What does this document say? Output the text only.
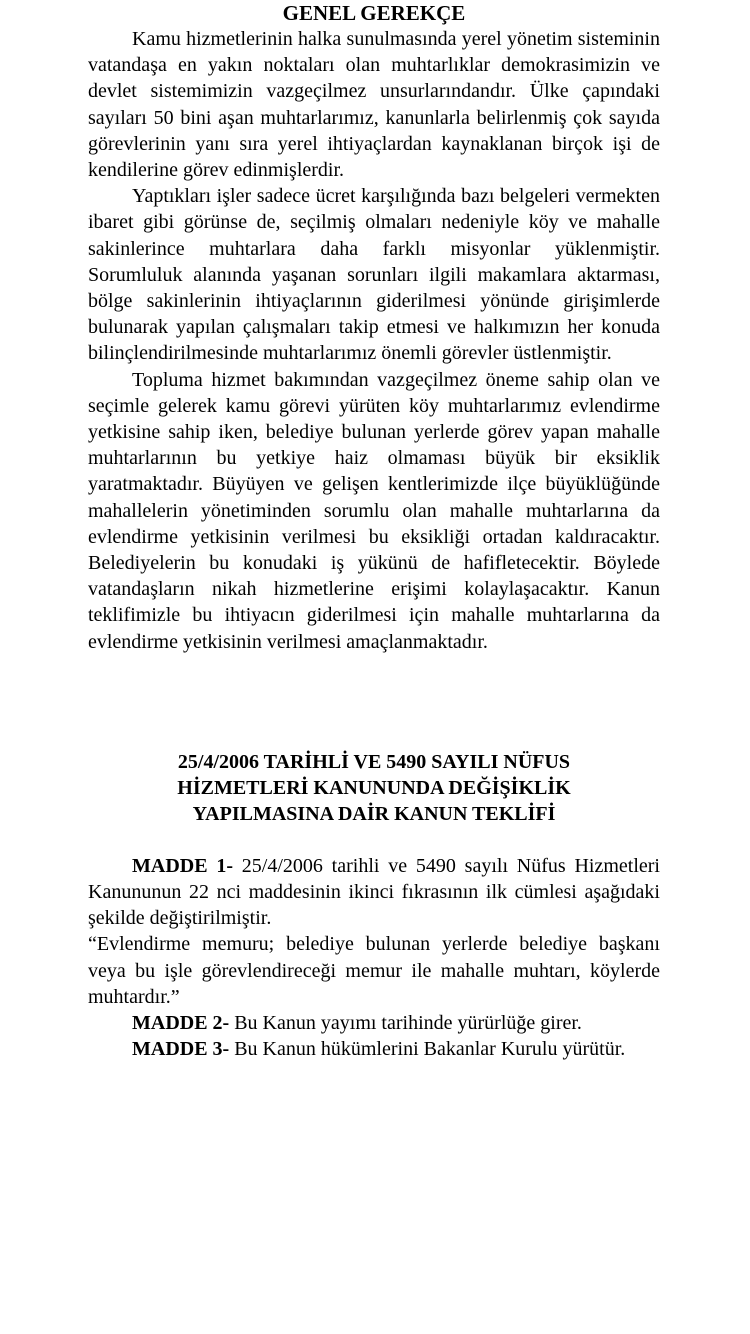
GENEL GEREKÇE

Kamu hizmetlerinin halka sunulmasında yerel yönetim sisteminin vatandaşa en yakın noktaları olan muhtarlıklar demokrasimizin ve devlet sistemimizin vazgeçilmez unsurlarındandır. Ülke çapındaki sayıları 50 bini aşan muhtarlarımız, kanunlarla belirlenmiş çok sayıda görevlerinin yanı sıra yerel ihtiyaçlardan kaynaklanan birçok işi de kendilerine görev edinmişlerdir.

Yaptıkları işler sadece ücret karşılığında bazı belgeleri vermekten ibaret gibi görünse de, seçilmiş olmaları nedeniyle köy ve mahalle sakinlerince muhtarlara daha farklı misyonlar yüklenmiştir. Sorumluluk alanında yaşanan sorunları ilgili makamlara aktarması, bölge sakinlerinin ihtiyaçlarının giderilmesi yönünde girişimlerde bulunarak yapılan çalışmaları takip etmesi ve halkımızın her konuda bilinçlendirilmesinde muhtarlarımız önemli görevler üstlenmiştir.

Topluma hizmet bakımından vazgeçilmez öneme sahip olan ve seçimle gelerek kamu görevi yürüten köy muhtarlarımız evlendirme yetkisine sahip iken, belediye bulunan yerlerde görev yapan mahalle muhtarlarının bu yetkiye haiz olmaması büyük bir eksiklik yaratmaktadır. Büyüyen ve gelişen kentlerimizde ilçe büyüklüğünde mahallelerin yönetiminden sorumlu olan mahalle muhtarlarına da evlendirme yetkisinin verilmesi bu eksikliği ortadan kaldıracaktır. Belediyelerin bu konudaki iş yükünü de hafifletecektir. Böylede vatandaşların nikah hizmetlerine erişimi kolaylaşacaktır. Kanun teklifimizle bu ihtiyacın giderilmesi için mahalle muhtarlarına da evlendirme yetkisinin verilmesi amaçlanmaktadır.

25/4/2006 TARİHLİ VE 5490 SAYILI NÜFUS
HİZMETLERİ KANUNUNDA DEĞİŞİKLİK
YAPILMASINA DAİR KANUN TEKLİFİ

MADDE 1- 25/4/2006 tarihli ve 5490 sayılı Nüfus Hizmetleri Kanununun 22 nci maddesinin ikinci fıkrasının ilk cümlesi aşağıdaki şekilde değiştirilmiştir.

“Evlendirme memuru; belediye bulunan yerlerde belediye başkanı veya bu işle görevlendireceği memur ile mahalle muhtarı, köylerde muhtardır.”

MADDE 2- Bu Kanun yayımı tarihinde yürürlüğe girer.

MADDE 3- Bu Kanun hükümlerini Bakanlar Kurulu yürütür.
